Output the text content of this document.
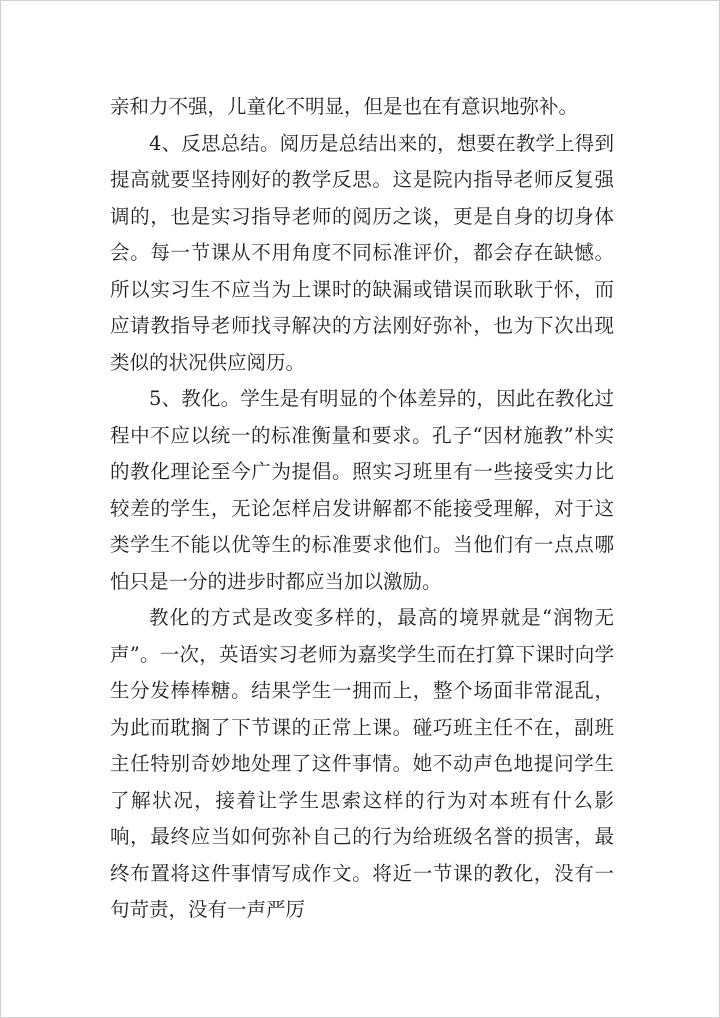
亲和力不强，儿童化不明显，但是也在有意识地弥补。

4、反思总结。阅历是总结出来的，想要在教学上得到提高就要坚持刚好的教学反思。这是院内指导老师反复强调的，也是实习指导老师的阅历之谈，更是自身的切身体会。每一节课从不用角度不同标准评价，都会存在缺憾。所以实习生不应当为上课时的缺漏或错误而耿耿于怀，而应请教指导老师找寻解决的方法刚好弥补，也为下次出现类似的状况供应阅历。

5、教化。学生是有明显的个体差异的，因此在教化过程中不应以统一的标准衡量和要求。孔子“因材施教”朴实的教化理论至今广为提倡。照实习班里有一些接受实力比较差的学生，无论怎样启发讲解都不能接受理解，对于这类学生不能以优等生的标准要求他们。当他们有一点点哪怕只是一分的进步时都应当加以激励。

教化的方式是改变多样的，最高的境界就是“润物无声”。一次，英语实习老师为嘉奖学生而在打算下课时向学生分发棒棒糖。结果学生一拥而上，整个场面非常混乱，为此而耽搁了下节课的正常上课。碰巧班主任不在，副班主任特别奇妙地处理了这件事情。她不动声色地提问学生了解状况，接着让学生思索这样的行为对本班有什么影响，最终应当如何弥补自己的行为给班级名誉的损害，最终布置将这件事情写成作文。将近一节课的教化，没有一句苛责，没有一声严厉
